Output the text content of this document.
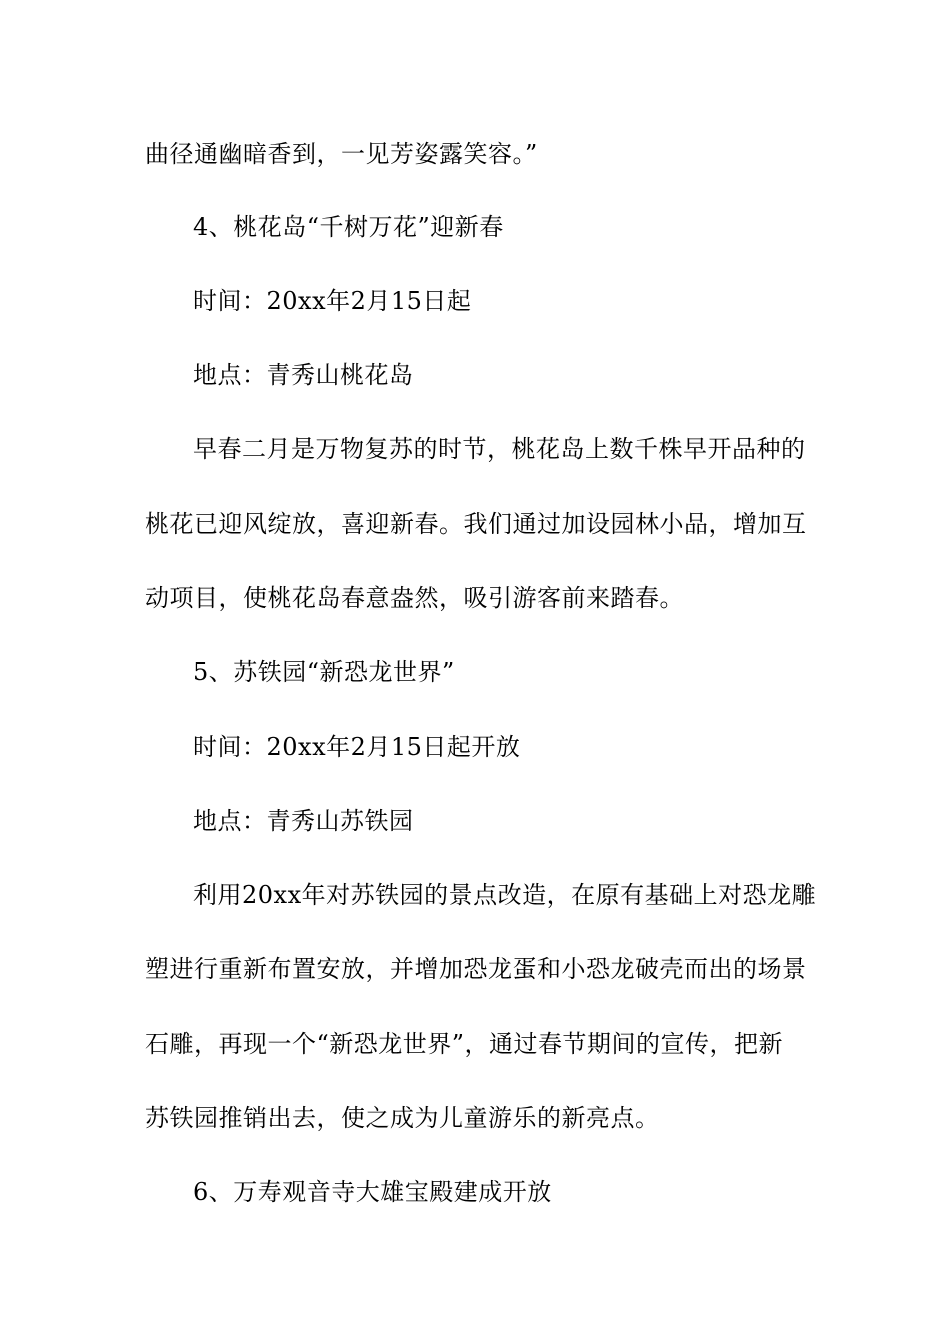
曲径通幽暗香到，一见芳姿露笑容。”
4、桃花岛“千树万花”迎新春
时间：20xx年2月15日起
地点：青秀山桃花岛
早春二月是万物复苏的时节，桃花岛上数千株早开品种的
桃花已迎风绽放，喜迎新春。我们通过加设园林小品，增加互
动项目，使桃花岛春意盎然，吸引游客前来踏春。
5、苏铁园“新恐龙世界”
时间：20xx年2月15日起开放
地点：青秀山苏铁园
利用20xx年对苏铁园的景点改造，在原有基础上对恐龙雕
塑进行重新布置安放，并增加恐龙蛋和小恐龙破壳而出的场景
石雕，再现一个“新恐龙世界”，通过春节期间的宣传，把新
苏铁园推销出去，使之成为儿童游乐的新亮点。
6、万寿观音寺大雄宝殿建成开放
